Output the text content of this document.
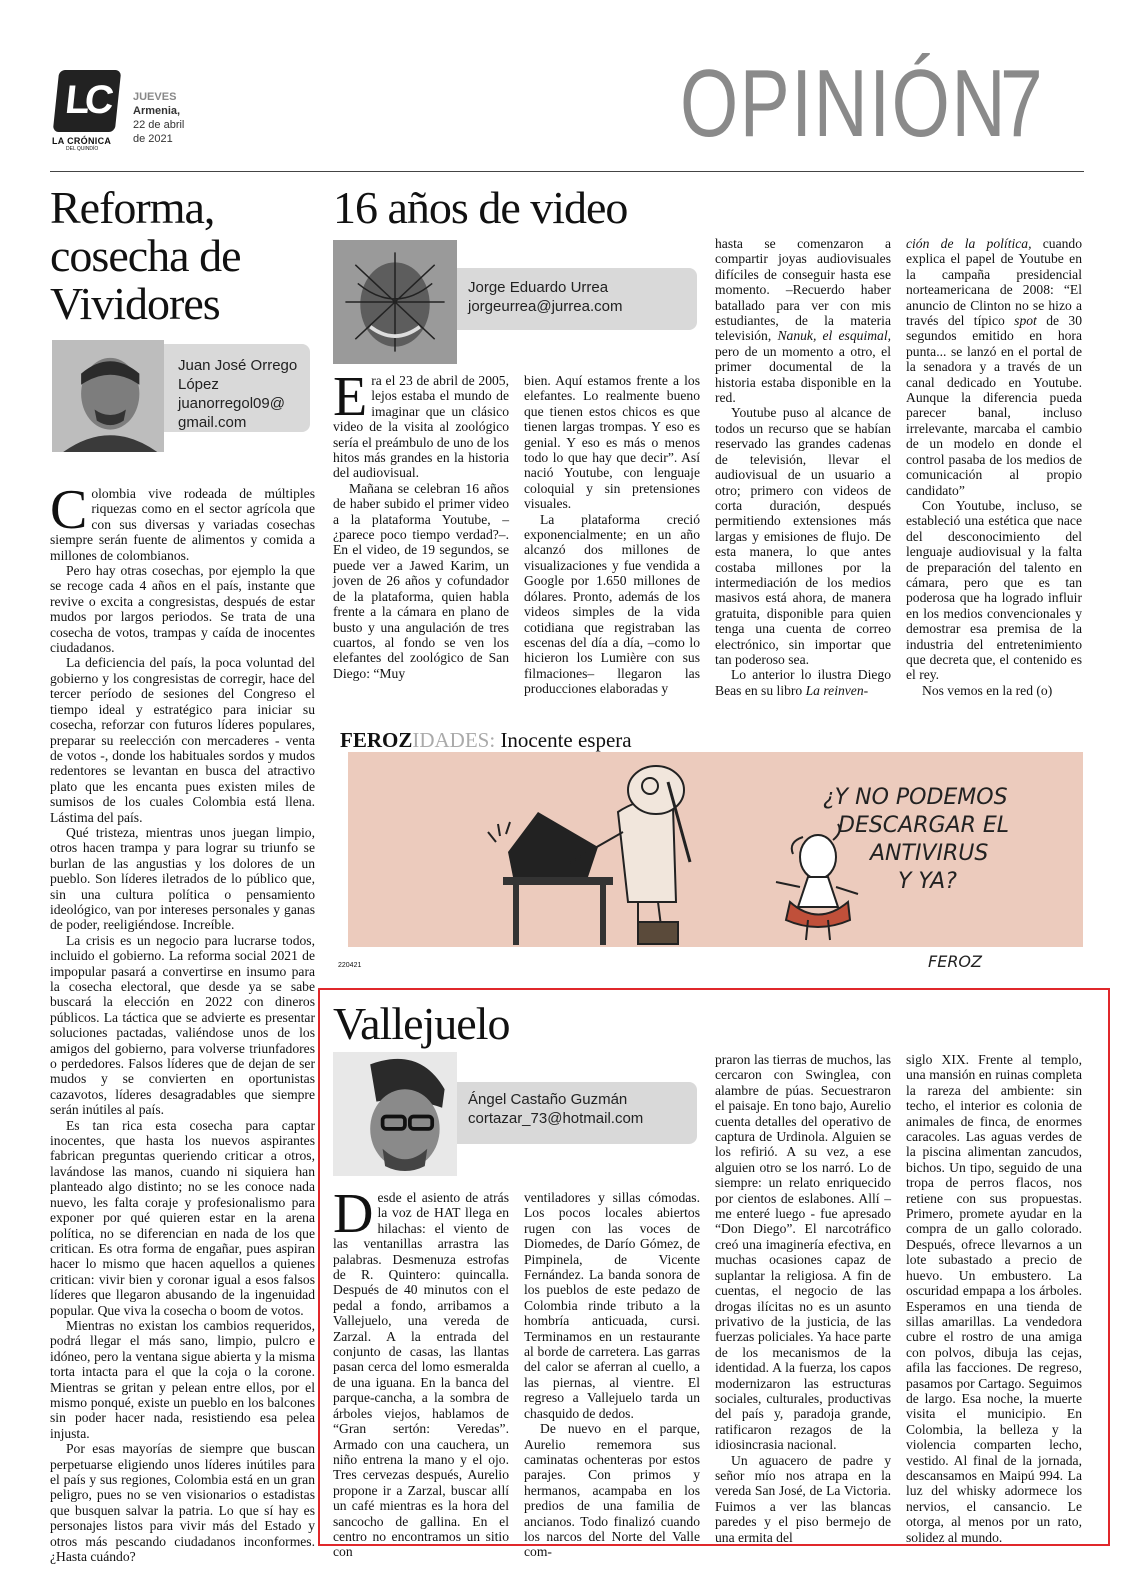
LC
LA CRÓNICA
DEL QUINDÍO
JUEVES
Armenia,
22 de abril
de 2021	OPINIÓN
7
Reforma, cosecha de Vividores
Juan José Orrego
López
juanorregol09@
gmail.com

Colombia vive rodeada de múltiples riquezas como en el sector agrícola que con sus diversas y variadas cosechas siempre serán fuente de alimentos y comida a millones de colombianos.

Pero hay otras cosechas, por ejemplo la que se recoge cada 4 años en el país, instante que revive o excita a congresistas, después de estar mudos por largos periodos. Se trata de una cosecha de votos, trampas y caída de inocentes ciudadanos.

La deficiencia del país, la poca voluntad del gobierno y los congresistas de corregir, hace del tercer período de sesiones del Congreso el tiempo ideal y estratégico para iniciar su cosecha, reforzar con futuros líderes populares, preparar su reelección con mercaderes - venta de votos -, donde los habituales sordos y mudos redentores se levantan en busca del atractivo plato que les encanta pues existen miles de sumisos de los cuales Colombia está llena. Lástima del país.

Qué tristeza, mientras unos juegan limpio, otros hacen trampa y para lograr su triunfo se burlan de las angustias y los dolores de un pueblo. Son líderes iletrados de lo público que, sin una cultura política o pensamiento ideológico, van por intereses personales y ganas de poder, reeligiéndose. Increíble.

La crisis es un negocio para lucrarse todos, incluido el gobierno. La reforma social 2021 de impopular pasará a convertirse en insumo para la cosecha electoral, que desde ya se sabe buscará la elección en 2022 con dineros públicos. La táctica que se advierte es presentar soluciones pactadas, valiéndose unos de los amigos del gobierno, para volverse triunfadores o perdedores. Falsos líderes que de dejan de ser mudos y se convierten en oportunistas cazavotos, líderes desagradables que siempre serán inútiles al país.

Es tan rica esta cosecha para captar inocentes, que hasta los nuevos aspirantes fabrican preguntas queriendo criticar a otros, lavándose las manos, cuando ni siquiera han planteado algo distinto; no se les conoce nada nuevo, les falta coraje y profesionalismo para exponer por qué quieren estar en la arena política, no se diferencian en nada de los que critican. Es otra forma de engañar, pues aspiran hacer lo mismo que hacen aquellos a quienes critican: vivir bien y coronar igual a esos falsos líderes que llegaron abusando de la ingenuidad popular. Que viva la cosecha o boom de votos.

Mientras no existan los cambios requeridos, podrá llegar el más sano, limpio, pulcro e idóneo, pero la ventana sigue abierta y la misma torta intacta para el que la coja o la corone. Mientras se gritan y pelean entre ellos, por el mismo ponqué, existe un pueblo en los balcones sin poder hacer nada, resistiendo esa pelea injusta.

Por esas mayorías de siempre que buscan perpetuarse eligiendo unos líderes inútiles para el país y sus regiones, Colombia está en un gran peligro, pues no se ven visionarios o estadistas que busquen salvar la patria. Lo que sí hay es personajes listos para vivir más del Estado y otros más pescando ciudadanos inconformes. ¿Hasta cuándo?

16 años de video
Jorge Eduardo Urrea
jorgeurrea@jurrea.com

Era el 23 de abril de 2005, lejos estaba el mundo de imaginar que un clásico video de la visita al zoológico sería el preámbulo de uno de los hitos más grandes en la historia del audiovisual.

Mañana se celebran 16 años de haber subido el primer video a la plataforma Youtube, –¿parece poco tiempo verdad?–. En el video, de 19 segundos, se puede ver a Jawed Karim, un joven de 26 años y cofundador de la plataforma, quien habla frente a la cámara en plano de busto y una angulación de tres cuartos, al fondo se ven los elefantes del zoológico de San Diego: “Muy

bien. Aquí estamos frente a los elefantes. Lo realmente bueno que tienen estos chicos es que tienen largas trompas. Y eso es genial. Y eso es más o menos todo lo que hay que decir”. Así nació Youtube, con lenguaje coloquial y sin pretensiones visuales.

La plataforma creció exponencialmente; en un año alcanzó dos millones de visualizaciones y fue vendida a Google por 1.650 millones de dólares. Pronto, además de los videos simples de la vida cotidiana que registraban las escenas del día a día, –como lo hicieron los Lumière con sus filmaciones– llegaron las producciones elaboradas y

hasta se comenzaron a compartir joyas audiovisuales difíciles de conseguir hasta ese momento. –Recuerdo haber batallado para ver con mis estudiantes, de la materia televisión, Nanuk, el esquimal, pero de un momento a otro, el primer documental de la historia estaba disponible en la red.

Youtube puso al alcance de todos un recurso que se habían reservado las grandes cadenas de televisión, llevar el audiovisual de un usuario a otro; primero con videos de corta duración, después permitiendo extensiones más largas y emisiones de flujo. De esta manera, lo que antes costaba millones por la intermediación de los medios masivos está ahora, de manera gratuita, disponible para quien tenga una cuenta de correo electrónico, sin importar que tan poderoso sea.

Lo anterior lo ilustra Diego Beas en su libro La reinven-

ción de la política, cuando explica el papel de Youtube en la campaña presidencial norteamericana de 2008: “El anuncio de Clinton no se hizo a través del típico spot de 30 segundos emitido en hora punta... se lanzó en el portal de la senadora y a través de un canal dedicado en Youtube. Aunque la diferencia pueda parecer banal, incluso irrelevante, marcaba el cambio de un modelo en donde el control pasaba de los medios de comunicación al propio candidato”

Con Youtube, incluso, se estableció una estética que nace del desconocimiento del lenguaje audiovisual y la falta de preparación del talento en cámara, pero que es tan poderosa que ha logrado influir en los medios convencionales y demostrar esa premisa de la industria del entretenimiento que decreta que, el contenido es el rey.

Nos vemos en la red (o)

FEROZIDADES: Inocente espera
¿Y NO PODEMOS
DESCARGAR EL
ANTIVIRUS
Y YA?
FEROZ
220421
Vallejuelo
Ángel Castaño Guzmán
cortazar_73@hotmail.com

Desde el asiento de atrás la voz de HAT llega en hilachas: el viento de las ventanillas arrastra las palabras. Desmenuza estrofas de R. Quintero: quincalla. Después de 40 minutos con el pedal a fondo, arribamos a Vallejuelo, una vereda de Zarzal. A la entrada del conjunto de casas, las llantas pasan cerca del lomo esmeralda de una iguana. En la banca del parque-cancha, a la sombra de árboles viejos, hablamos de “Gran sertón: Veredas”. Armado con una cauchera, un niño entrena la mano y el ojo. Tres cervezas después, Aurelio propone ir a Zarzal, buscar allí un café mientras es la hora del sancocho de gallina. En el centro no encontramos un sitio con

ventiladores y sillas cómodas. Los pocos locales abiertos rugen con las voces de Diomedes, de Darío Gómez, de Pimpinela, de Vicente Fernández. La banda sonora de los pueblos de este pedazo de Colombia rinde tributo a la hombría anticuada, cursi. Terminamos en un restaurante al borde de carretera. Las garras del calor se aferran al cuello, a las piernas, al vientre. El regreso a Vallejuelo tarda un chasquido de dedos.

De nuevo en el parque, Aurelio rememora sus caminatas ochenteras por estos parajes. Con primos y hermanos, acampaba en los predios de una familia de ancianos. Todo finalizó cuando los narcos del Norte del Valle com-

praron las tierras de muchos, las cercaron con Swinglea, con alambre de púas. Secuestraron el paisaje. En tono bajo, Aurelio cuenta detalles del operativo de captura de Urdinola. Alguien se los refirió. A su vez, a ese alguien otro se los narró. Lo de siempre: un relato enriquecido por cientos de eslabones. Allí –me enteré luego - fue apresado “Don Diego”. El narcotráfico creó una imaginería efectiva, en muchas ocasiones capaz de suplantar la religiosa. A fin de cuentas, el negocio de las drogas ilícitas no es un asunto privativo de la justicia, de las fuerzas policiales. Ya hace parte de los mecanismos de la identidad. A la fuerza, los capos modernizaron las estructuras sociales, culturales, productivas del país y, paradoja grande, ratificaron rezagos de la idiosincrasia nacional.

Un aguacero de padre y señor mío nos atrapa en la vereda San José, de La Victoria. Fuimos a ver las blancas paredes y el piso bermejo de una ermita del

siglo XIX. Frente al templo, una mansión en ruinas completa la rareza del ambiente: sin techo, el interior es colonia de animales de finca, de enormes caracoles. Las aguas verdes de la piscina alimentan zancudos, bichos. Un tipo, seguido de una tropa de perros flacos, nos retiene con sus propuestas. Primero, promete ayudar en la compra de un gallo colorado. Después, ofrece llevarnos a un lote subastado a precio de huevo. Un embustero. La oscuridad empapa a los árboles. Esperamos en una tienda de sillas amarillas. La vendedora cubre el rostro de una amiga con polvos, dibuja las cejas, afila las facciones. De regreso, pasamos por Cartago. Seguimos de largo. Esa noche, la muerte visita el municipio. En Colombia, la belleza y la violencia comparten lecho, vestido. Al final de la jornada, descansamos en Maipú 994. La luz del whisky adormece los nervios, el cansancio. Le otorga, al menos por un rato, solidez al mundo.
